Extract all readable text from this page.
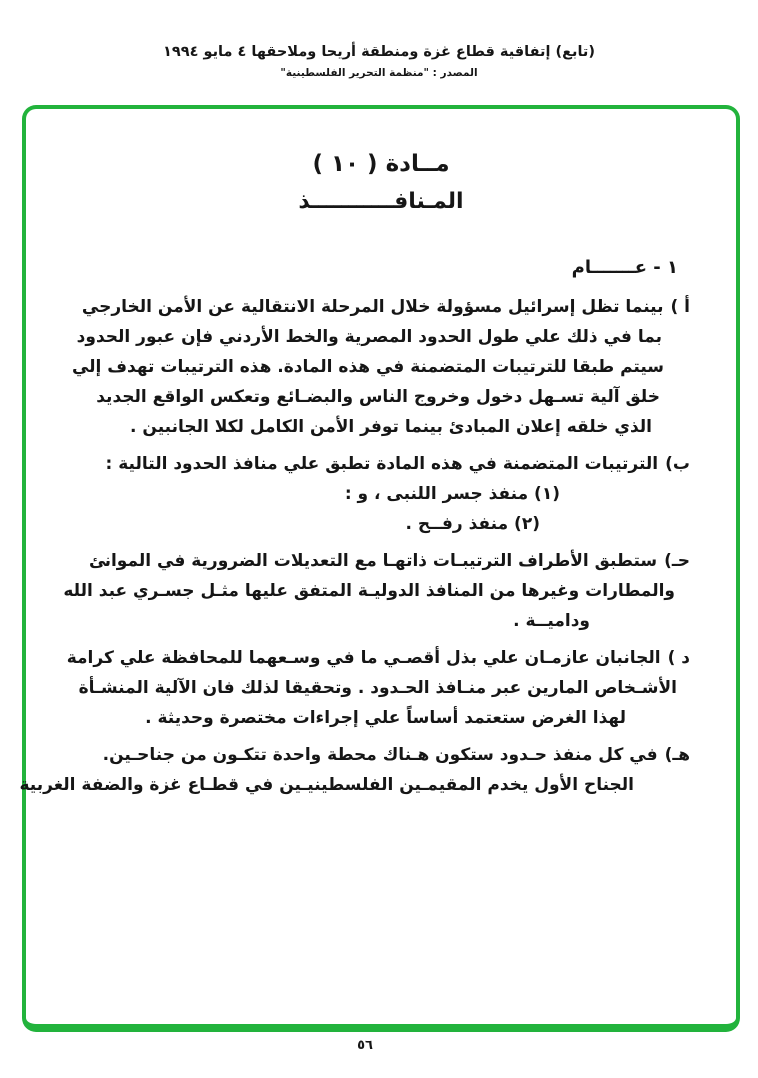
(تابع) إتفاقية قطاع غزة ومنطقة أريحا وملاحقها ٤ مايو ١٩٩٤
المصدر : "منظمة التحرير الفلسطينية"
مــادة ( ١٠ )
المـنافـــــــــــذ
١ - عـــــــام
أ )بينما تظل إسرائيل مسؤولة خلال المرحلة الانتقالية عن الأمن الخارجي
بما في ذلك علي طول الحدود المصرية والخط الأردني فإن عبور الحدود
سيتم طبقا للترتيبات المتضمنة في هذه المادة. هذه الترتيبات تهدف إلي
خلق آلية تسـهل دخول وخروج الناس والبضـائع وتعكس الواقع الجديد
الذي خلقه إعلان المبادئ بينما توفر الأمن الكامل لكلا الجانبين .
ب)الترتيبات المتضمنة في هذه المادة تطبق علي منافذ الحدود التالية :
(١) منفذ جسر اللنبى ، و :
(٢) منفذ رفــح .
حـ)ستطبق الأطراف الترتيبـات ذاتهـا مع التعديلات الضرورية في الموانئ
والمطارات وغيرها من المنافذ الدوليـة المتفق عليها مثـل جسـري عبد الله
وداميــة .
د )الجانبان عازمـان علي بذل أقصـي ما في وسـعهما للمحافظة علي كرامة
الأشـخاص المارين عبر منـافذ الحـدود . وتحقيقا لذلك فان الآلية المنشـأة
لهذا الغرض ستعتمد أساساً علي إجراءات مختصرة وحديثة .
هـ)في كل منفذ حـدود ستكون هـناك محطة واحدة تتكـون من جناحـين.
الجناح الأول يخدم المقيمـين الفلسطينيـين في قطـاع غزة والضفة الغربية
٥٦
